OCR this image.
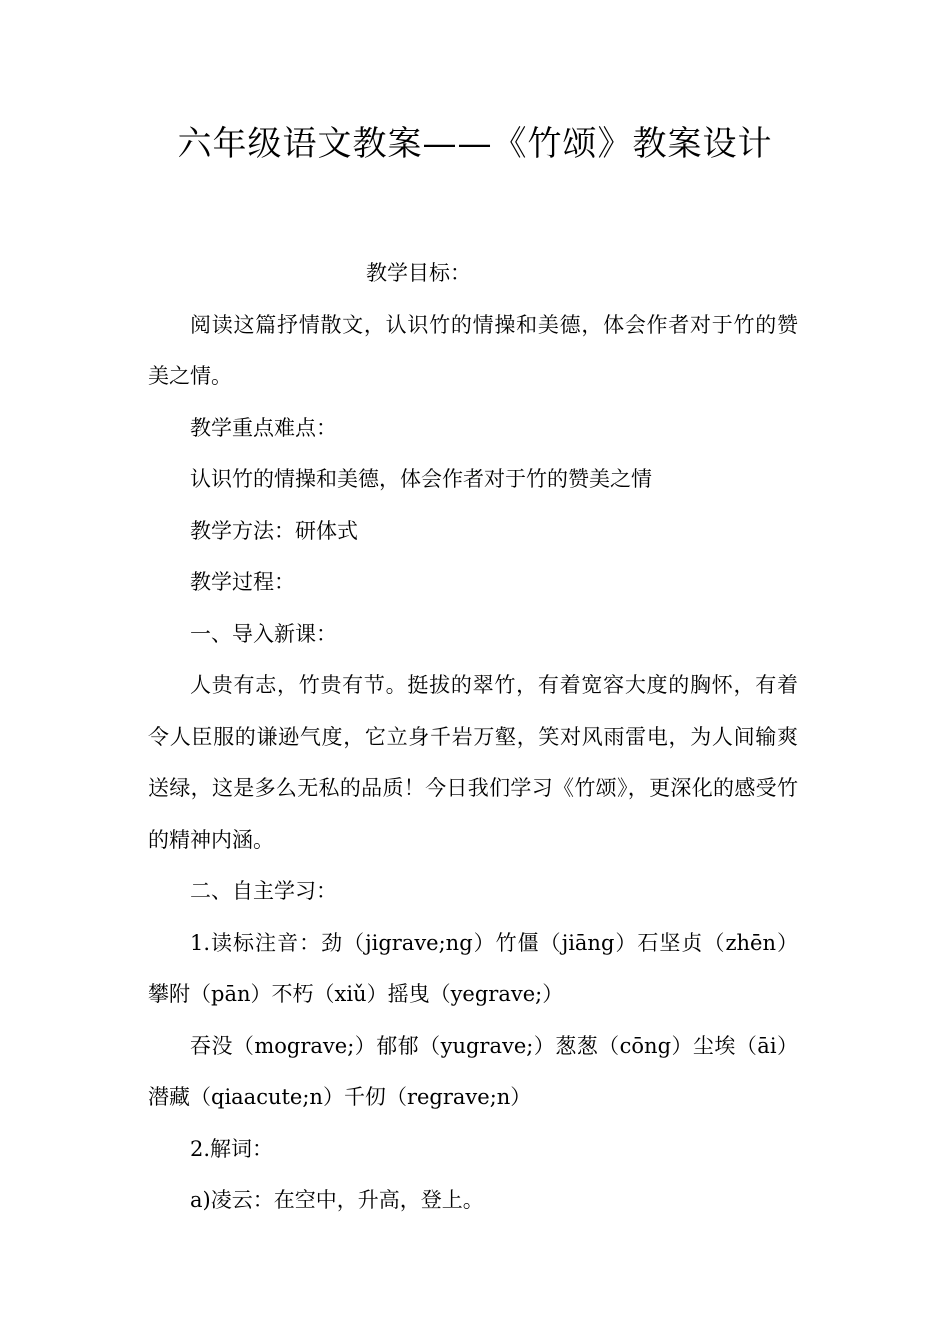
六年级语文教案——《竹颂》教案设计

教学目标：

阅读这篇抒情散文，认识竹的情操和美德，体会作者对于竹的赞美之情。

教学重点难点：

认识竹的情操和美德，体会作者对于竹的赞美之情

教学方法：研体式

教学过程：

一、导入新课：

人贵有志，竹贵有节。挺拔的翠竹，有着宽容大度的胸怀，有着令人臣服的谦逊气度，它立身千岩万壑，笑对风雨雷电，为人间输爽送绿，这是多么无私的品质！今日我们学习《竹颂》，更深化的感受竹的精神内涵。

二、自主学习：

1.读标注音：劲（jigrave;ng）竹僵（jiāng）石坚贞（zhēn）攀附（pān）不朽（xiǔ）摇曳（yegrave;）

吞没（mograve;）郁郁（yugrave;）葱葱（cōng）尘埃（āi）潜藏（qiaacute;n）千仞（regrave;n）

2.解词：

a)凌云：在空中，升高，登上。
